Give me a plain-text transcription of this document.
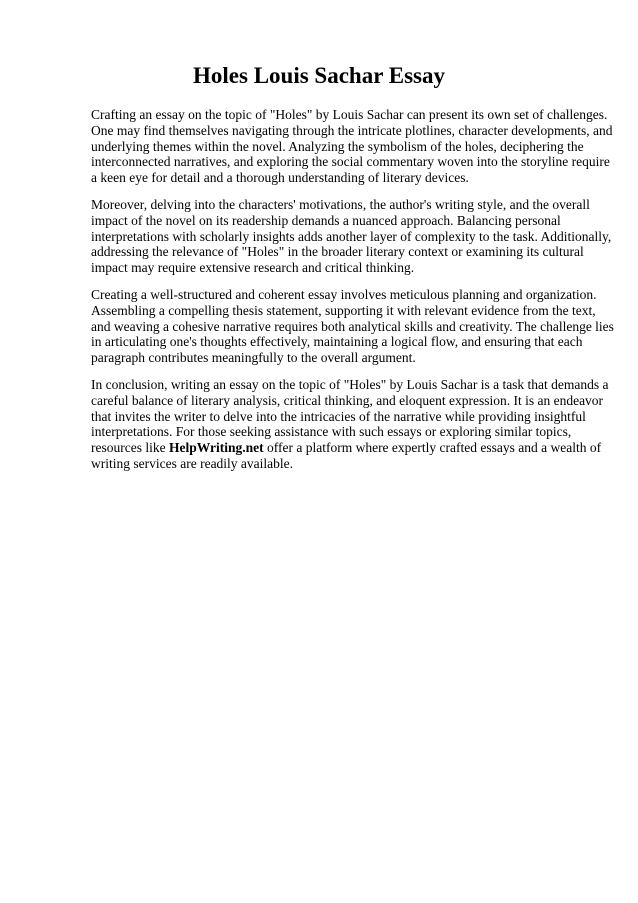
Holes Louis Sachar Essay

Crafting an essay on the topic of "Holes" by Louis Sachar can present its own set of challenges.
One may find themselves navigating through the intricate plotlines, character developments, and
underlying themes within the novel. Analyzing the symbolism of the holes, deciphering the
interconnected narratives, and exploring the social commentary woven into the storyline require
a keen eye for detail and a thorough understanding of literary devices.

Moreover, delving into the characters' motivations, the author's writing style, and the overall
impact of the novel on its readership demands a nuanced approach. Balancing personal
interpretations with scholarly insights adds another layer of complexity to the task. Additionally,
addressing the relevance of "Holes" in the broader literary context or examining its cultural
impact may require extensive research and critical thinking.

Creating a well-structured and coherent essay involves meticulous planning and organization.
Assembling a compelling thesis statement, supporting it with relevant evidence from the text,
and weaving a cohesive narrative requires both analytical skills and creativity. The challenge lies
in articulating one's thoughts effectively, maintaining a logical flow, and ensuring that each
paragraph contributes meaningfully to the overall argument.

In conclusion, writing an essay on the topic of "Holes" by Louis Sachar is a task that demands a
careful balance of literary analysis, critical thinking, and eloquent expression. It is an endeavor
that invites the writer to delve into the intricacies of the narrative while providing insightful
interpretations. For those seeking assistance with such essays or exploring similar topics,
resources like HelpWriting.net offer a platform where expertly crafted essays and a wealth of
writing services are readily available.
